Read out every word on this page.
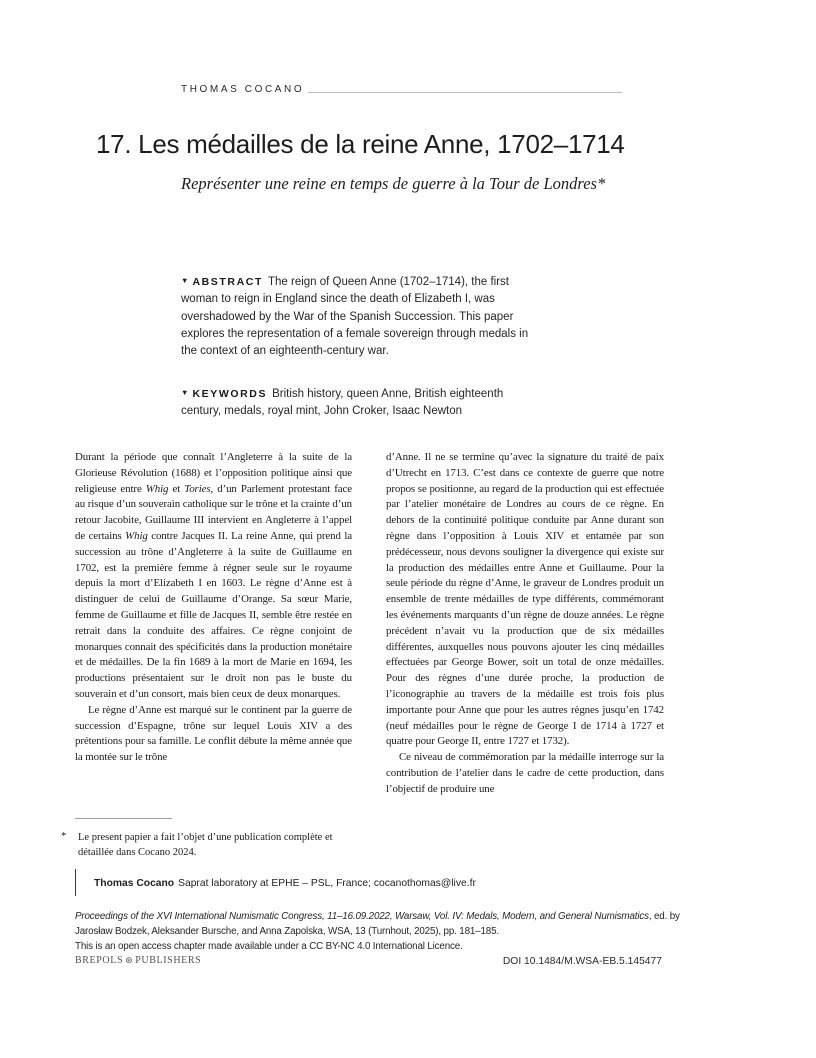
THOMAS COCANO
17. Les médailles de la reine Anne, 1702–1714
Représenter une reine en temps de guerre à la Tour de Londres*
▼ ABSTRACT The reign of Queen Anne (1702–1714), the first woman to reign in England since the death of Elizabeth I, was overshadowed by the War of the Spanish Succession. This paper explores the representation of a female sovereign through medals in the context of an eighteenth-century war.
▼ KEYWORDS British history, queen Anne, British eighteenth century, medals, royal mint, John Croker, Isaac Newton

Durant la période que connaît l’Angleterre à la suite de la Glorieuse Révolution (1688) et l’opposition politique ainsi que religieuse entre Whig et Tories, d’un Parlement protestant face au risque d’un souverain catholique sur le trône et la crainte d’un retour Jacobite, Guillaume III intervient en Angleterre à l’appel de certains Whig contre Jacques II. La reine Anne, qui prend la succession au trône d’Angleterre à la suite de Guillaume en 1702, est la première femme à régner seule sur le royaume depuis la mort d’Elizabeth I en 1603. Le règne d’Anne est à distinguer de celui de Guillaume d’Orange. Sa sœur Marie, femme de Guillaume et fille de Jacques II, semble être restée en retrait dans la conduite des affaires. Ce règne conjoint de monarques connait des spécificités dans la production monétaire et de médailles. De la fin 1689 à la mort de Marie en 1694, les productions présentaient sur le droit non pas le buste du souverain et d’un consort, mais bien ceux de deux monarques.

Le règne d’Anne est marqué sur le continent par la guerre de succession d’Espagne, trône sur lequel Louis XIV a des prétentions pour sa famille. Le conflit débute la même année que la montée sur le trône

d’Anne. Il ne se termine qu’avec la signature du traité de paix d’Utrecht en 1713. C’est dans ce contexte de guerre que notre propos se positionne, au regard de la production qui est effectuée par l’atelier monétaire de Londres au cours de ce règne. En dehors de la continuité politique conduite par Anne durant son règne dans l’opposition à Louis XIV et entamée par son prédécesseur, nous devons souligner la divergence qui existe sur la production des médailles entre Anne et Guillaume. Pour la seule période du règne d’Anne, le graveur de Londres produit un ensemble de trente médailles de type différents, commémorant les événements marquants d’un règne de douze années. Le règne précédent n’avait vu la production que de six médailles différentes, auxquelles nous pouvons ajouter les cinq médailles effectuées par George Bower, soit un total de onze médailles. Pour des règnes d’une durée proche, la production de l’iconographie au travers de la médaille est trois fois plus importante pour Anne que pour les autres règnes jusqu’en 1742 (neuf médailles pour le règne de George I de 1714 à 1727 et quatre pour George II, entre 1727 et 1732).

Ce niveau de commémoration par la médaille interroge sur la contribution de l’atelier dans le cadre de cette production, dans l’objectif de produire une

* Le present papier a fait l’objet d’une publication complète et détaillée dans Cocano 2024.
Thomas Cocano Saprat laboratory at EPHE – PSL, France; cocanothomas@live.fr
Proceedings of the XVI International Numismatic Congress, 11–16.09.2022, Warsaw, Vol. IV: Medals, Modern, and General Numismatics, ed. by
Jarosław Bodzek, Aleksander Bursche, and Anna Zapolska, WSA, 13 (Turnhout, 2025), pp. 181–185.
This is an open access chapter made available under a CC BY-NC 4.0 International Licence.
BREPOLS ⊛ PUBLISHERS	DOI 10.1484/M.WSA-EB.5.145477
